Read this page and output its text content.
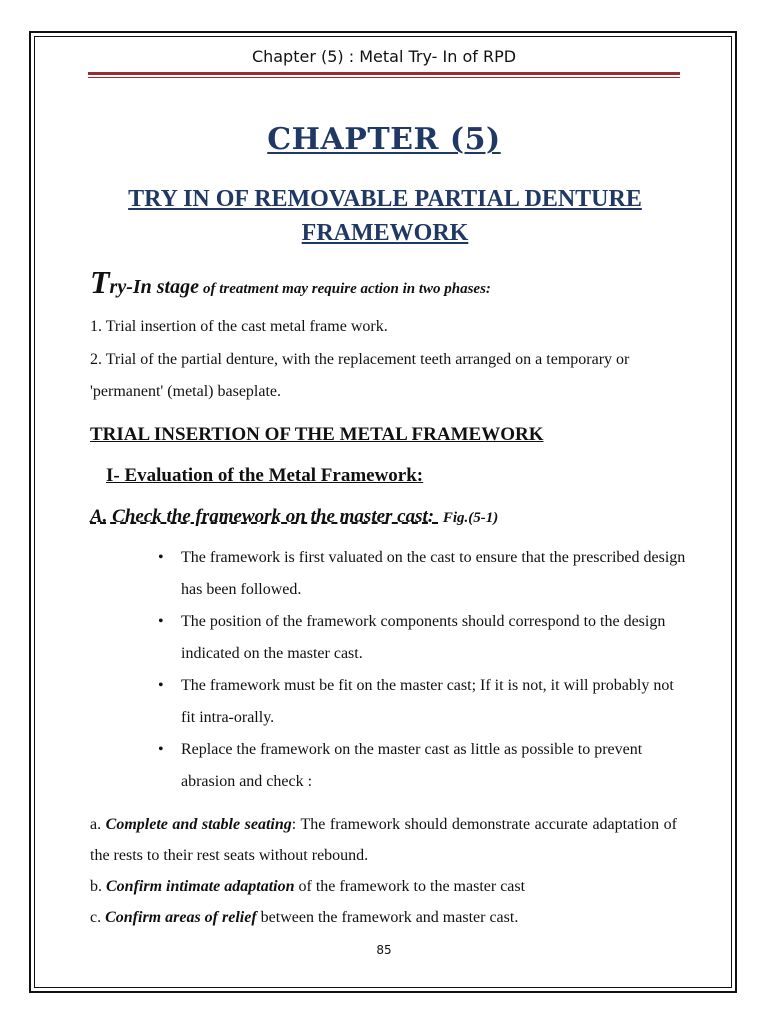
Chapter (5) : Metal Try- In of RPD
CHAPTER (5)
TRY IN OF REMOVABLE PARTIAL DENTURE FRAMEWORK
Try-In stage of treatment may require action in two phases:
1. Trial insertion of the cast metal frame work.
2. Trial of the partial denture, with the replacement teeth arranged on a temporary or 'permanent' (metal) baseplate.
TRIAL INSERTION OF THE METAL FRAMEWORK
I- Evaluation of the Metal Framework:
A. Check the framework on the master cast: Fig.(5-1)
• The framework is first valuated on the cast to ensure that the prescribed design has been followed.
• The position of the framework components should correspond to the design indicated on the master cast.
• The framework must be fit on the master cast; If it is not, it will probably not fit intra-orally.
• Replace the framework on the master cast as little as possible to prevent abrasion and check :
a. Complete and stable seating: The framework should demonstrate accurate adaptation of the rests to their rest seats without rebound.
b. Confirm intimate adaptation of the framework to the master cast
c. Confirm areas of relief between the framework and master cast.
85
